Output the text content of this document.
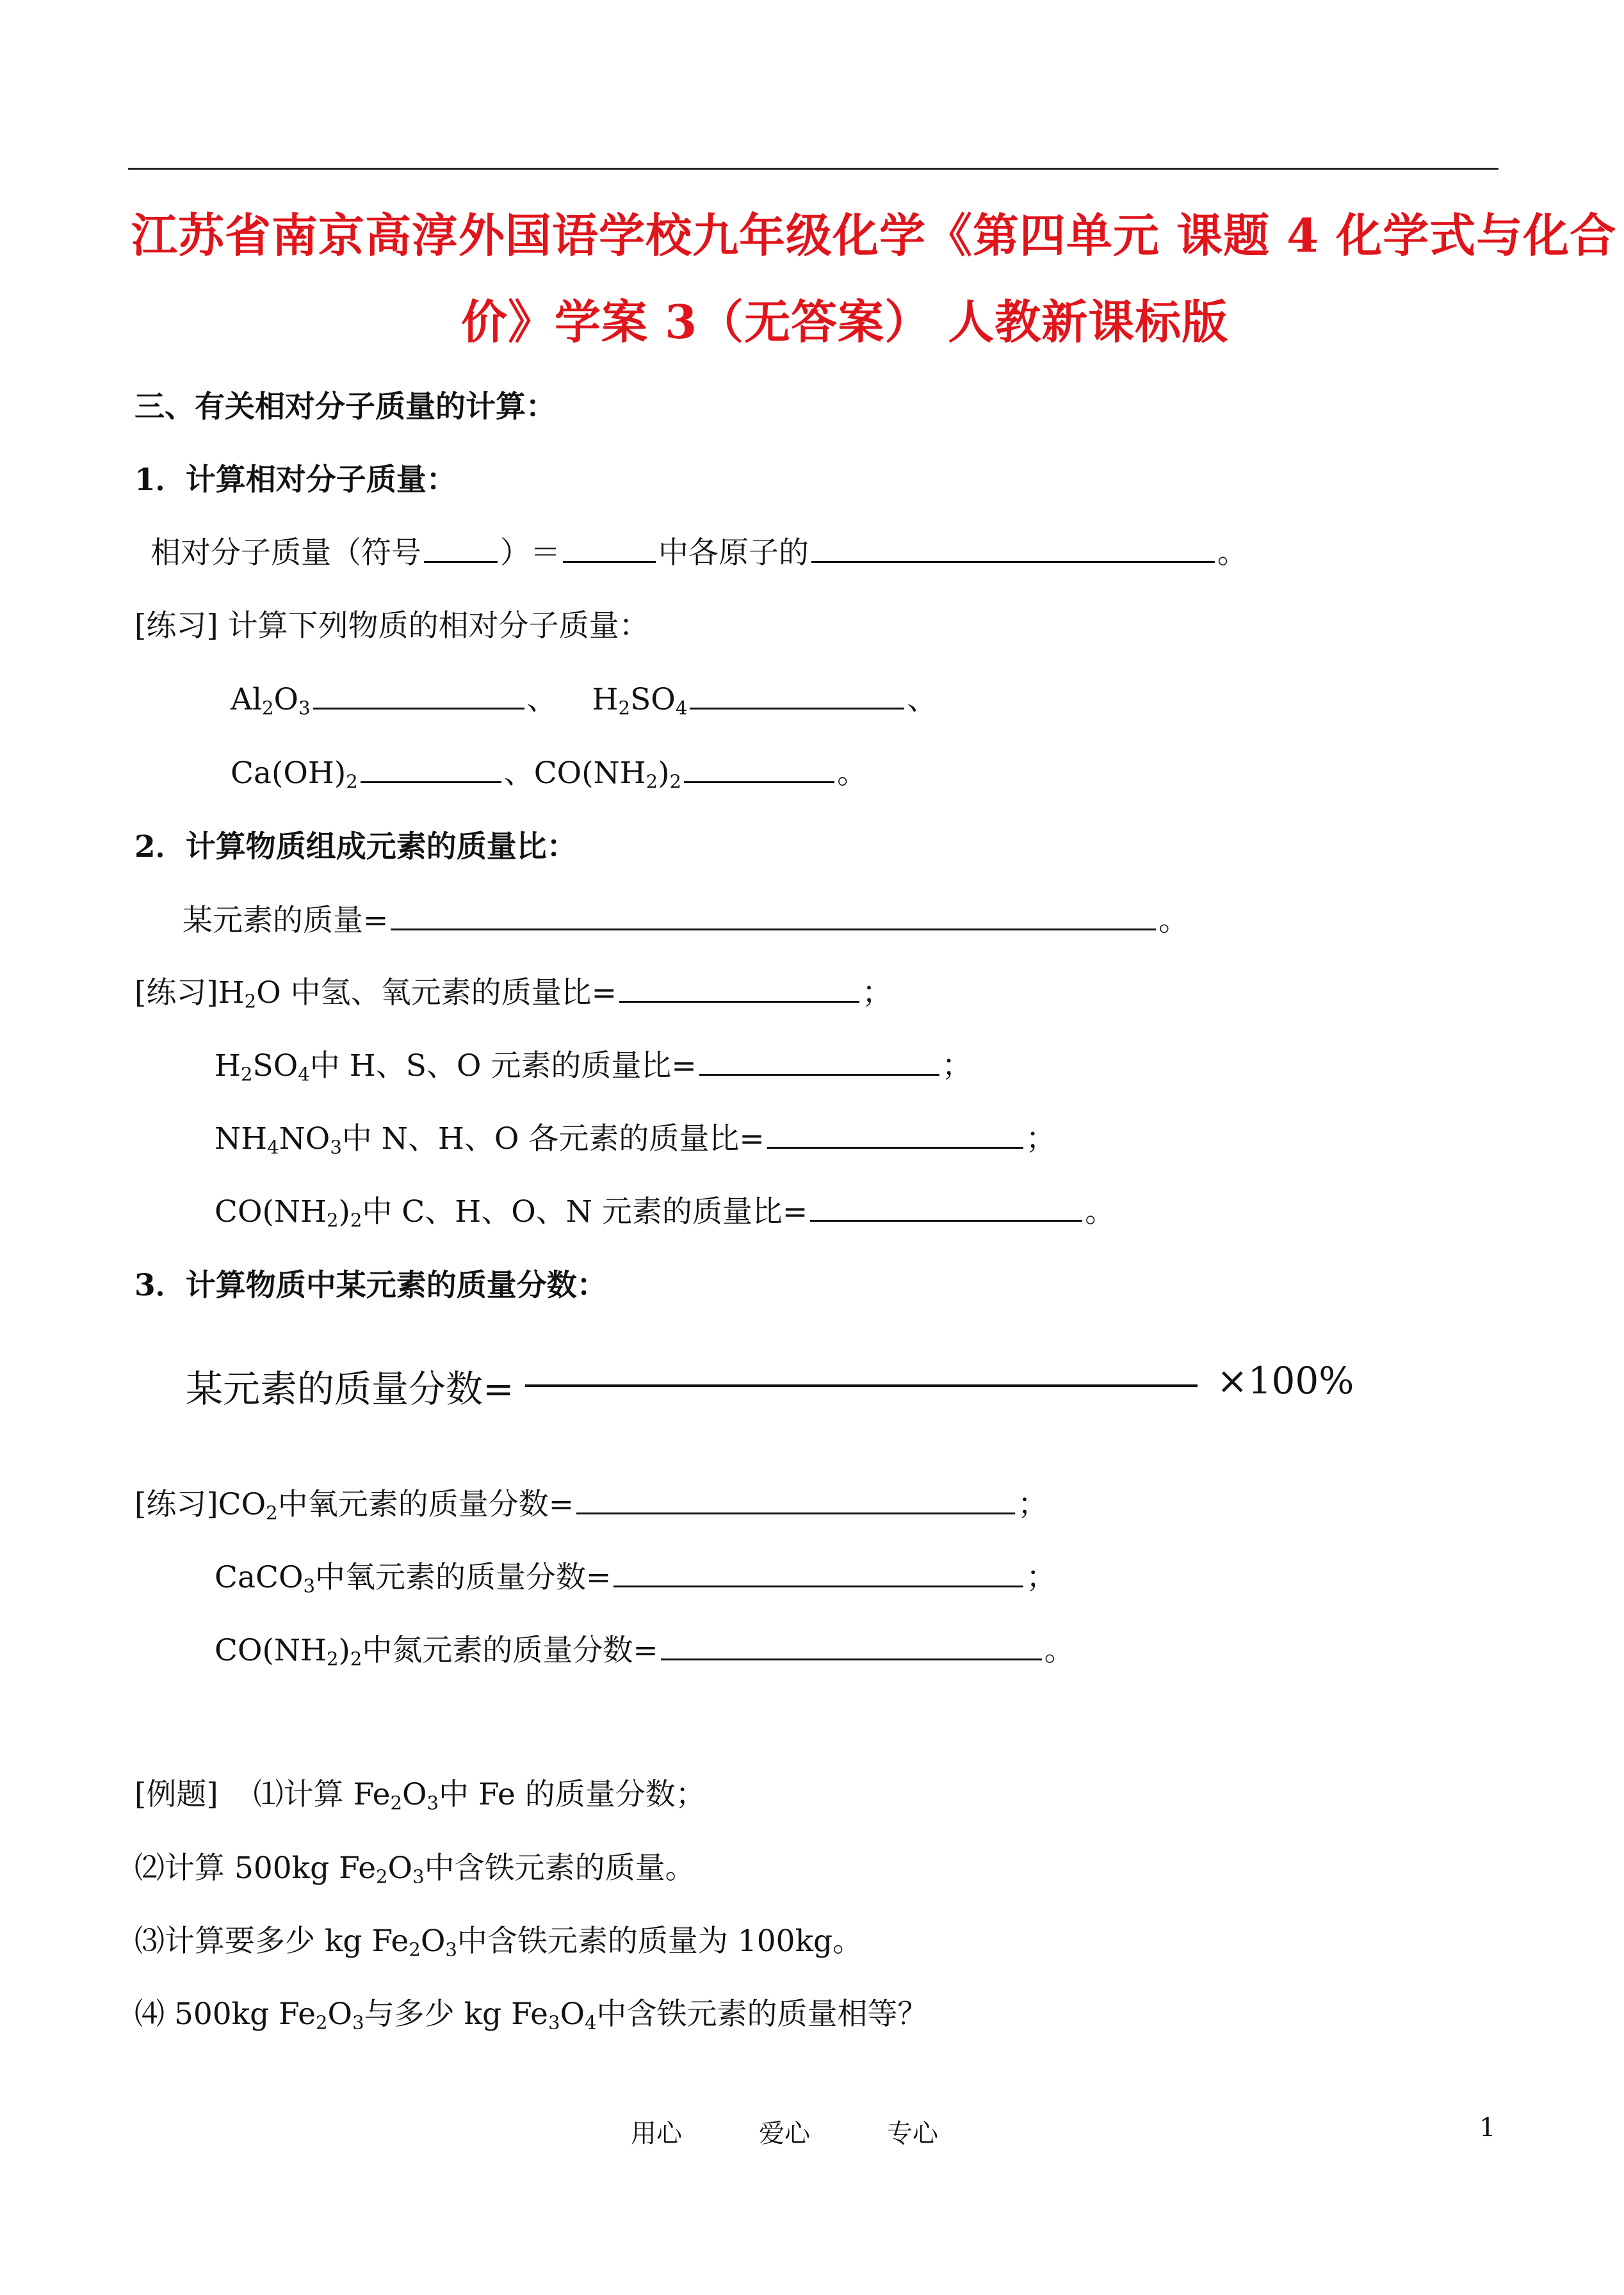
江苏省南京高淳外国语学校九年级化学《第四单元 课题 4 化学式与化合
价》学案 3（无答案） 人教新课标版
三、有关相对分子质量的计算：
1．计算相对分子质量：
相对分子质量（符号	）＝	中各原子的	。
[练习] 计算下列物质的相对分子质量：
$Al_2O_3$	、 $H_2SO_4$	、
$Ca(OH)_2$	、$CO(NH_2)_2$	。
2．计算物质组成元素的质量比：
某元素的质量=	。
[练习]$H_2O$ 中氢、氧元素的质量比=	；
$H_2SO_4$中 H、S、O 元素的质量比=	；
$NH_4NO_3$中 N、H、O 各元素的质量比=	；
$CO(NH_2)_2$中 C、H、O、N 元素的质量比=	。
3．计算物质中某元素的质量分数：
某元素的质量分数=	×100%
[练习]$CO_2$中氧元素的质量分数=	；
CaCO$_3$中氧元素的质量分数=	；
$CO(NH_2)_2$中氮元素的质量分数=	。
[例题] ⑴计算 $Fe_2O_3$中 Fe 的质量分数；
⑵计算 500kg $Fe_2O_3$中含铁元素的质量。
⑶计算要多少 kg $Fe_2O_3$中含铁元素的质量为 100kg。
⑷ 500kg $Fe_2O_3$与多少 kg $Fe_3O_4$中含铁元素的质量相等？
用心	爱心	专心	1
